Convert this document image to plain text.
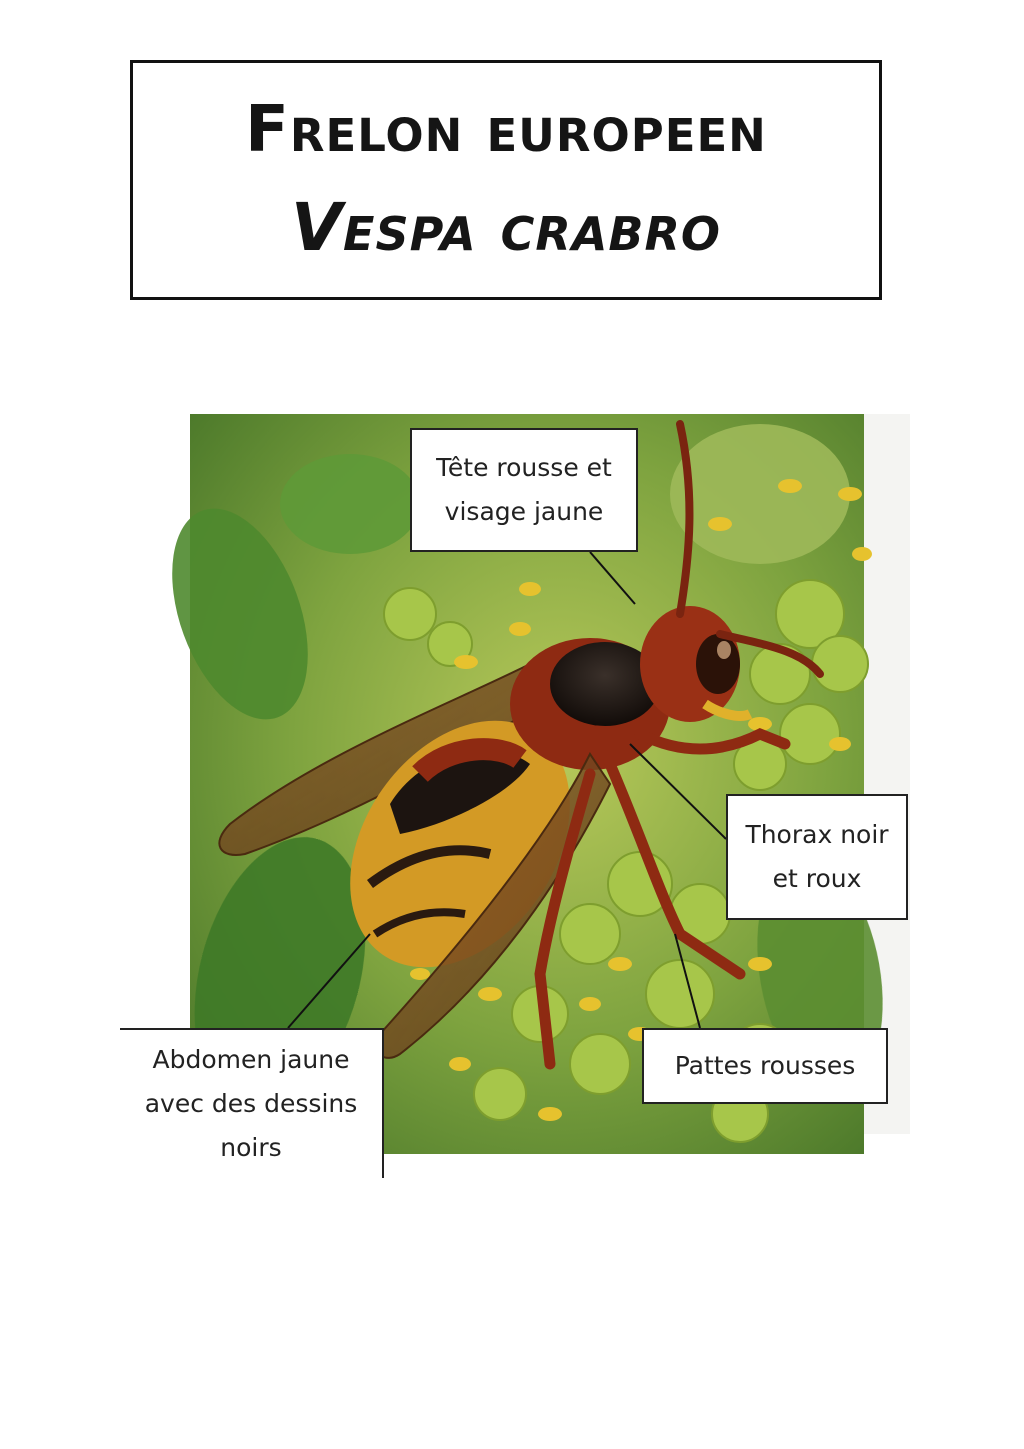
Frelon europeen
Vespa crabro
Tête rousse et
visage jaune
Thorax noir
et roux
Pattes rousses
Abdomen jaune
avec des dessins
noirs
